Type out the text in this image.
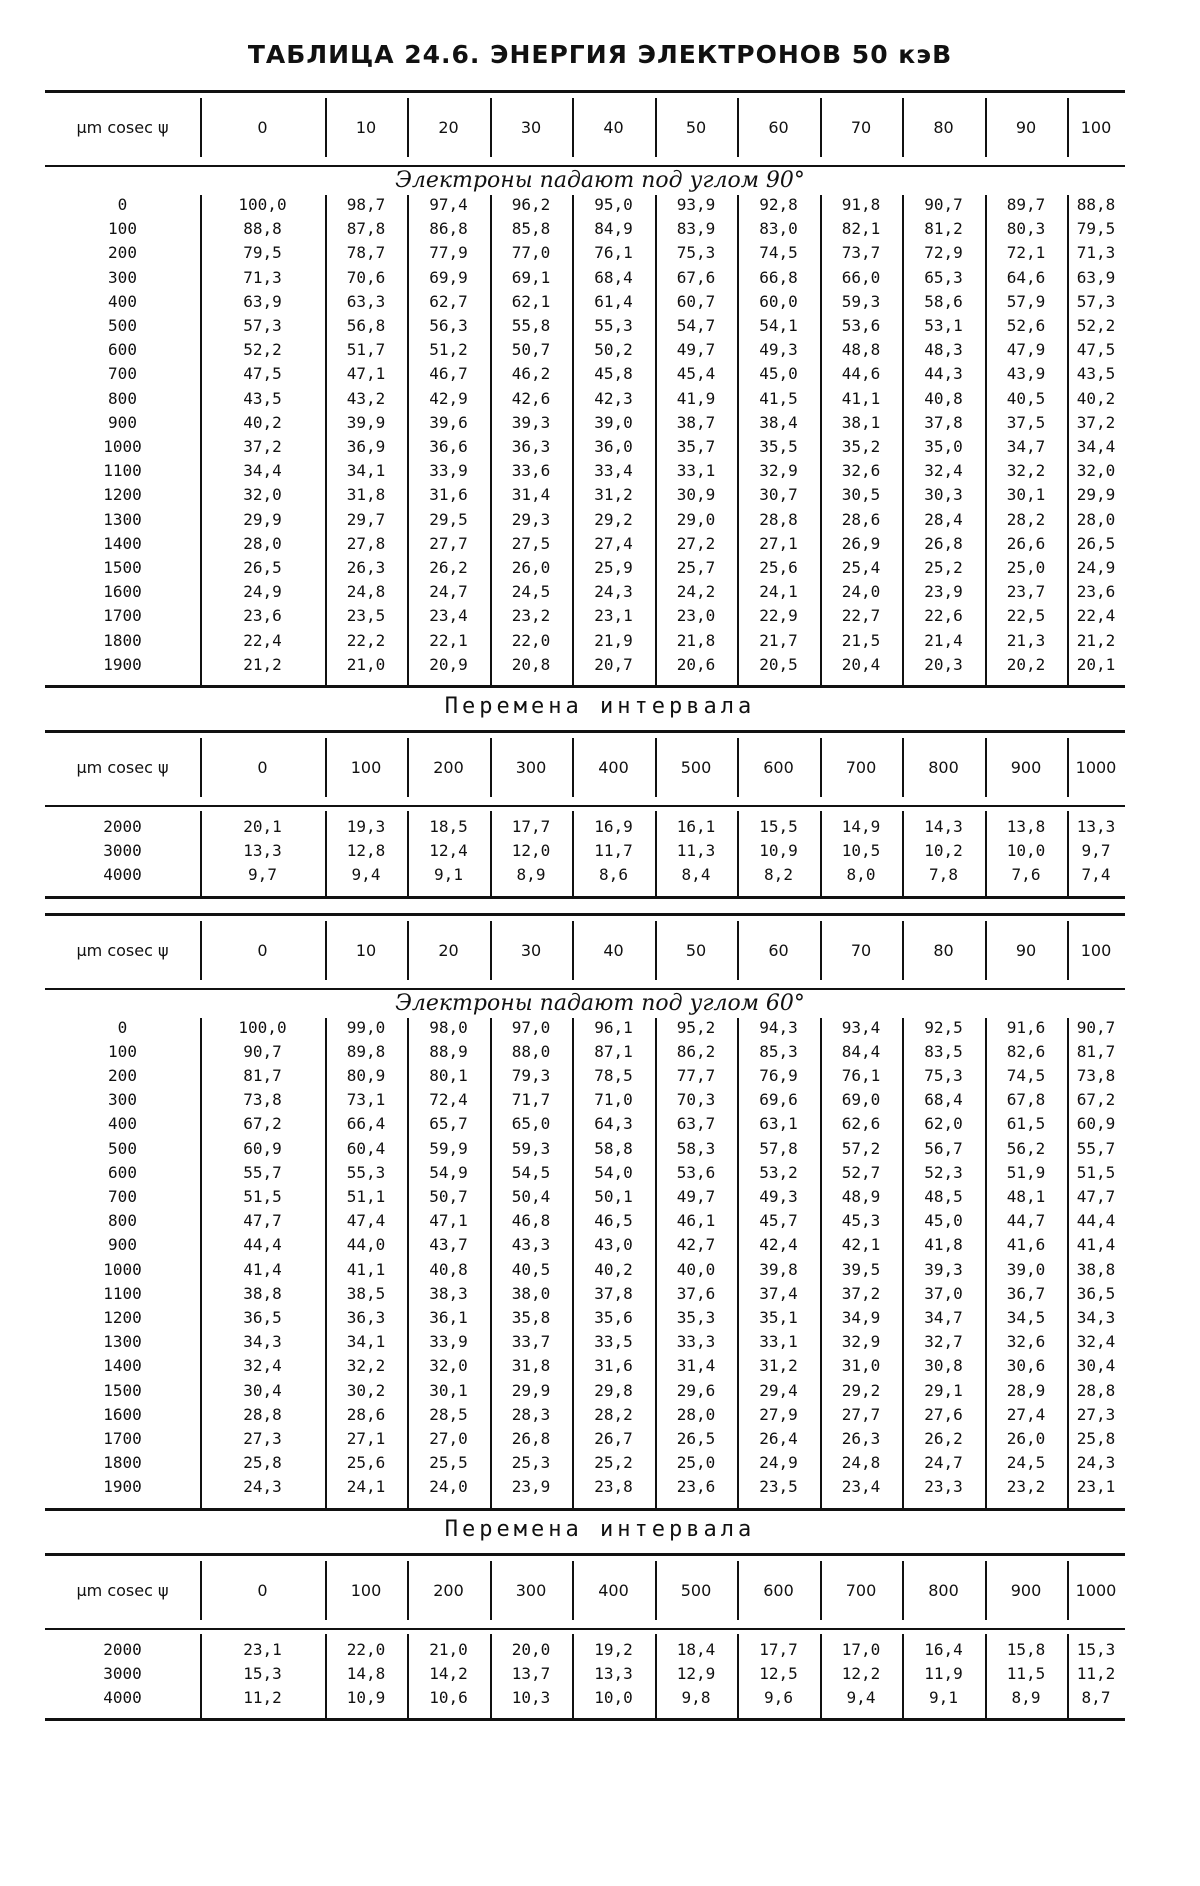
ТАБЛИЦА 24.6. ЭНЕРГИЯ ЭЛЕКТРОНОВ 50 кэВ
μm cosec ψ	0	10	20	30	40	50	60	70	80	90	100
Электроны падают под углом 90°
0	100,0	98,7	97,4	96,2	95,0	93,9	92,8	91,8	90,7	89,7	88,8
100	88,8	87,8	86,8	85,8	84,9	83,9	83,0	82,1	81,2	80,3	79,5
200	79,5	78,7	77,9	77,0	76,1	75,3	74,5	73,7	72,9	72,1	71,3
300	71,3	70,6	69,9	69,1	68,4	67,6	66,8	66,0	65,3	64,6	63,9
400	63,9	63,3	62,7	62,1	61,4	60,7	60,0	59,3	58,6	57,9	57,3
500	57,3	56,8	56,3	55,8	55,3	54,7	54,1	53,6	53,1	52,6	52,2
600	52,2	51,7	51,2	50,7	50,2	49,7	49,3	48,8	48,3	47,9	47,5
700	47,5	47,1	46,7	46,2	45,8	45,4	45,0	44,6	44,3	43,9	43,5
800	43,5	43,2	42,9	42,6	42,3	41,9	41,5	41,1	40,8	40,5	40,2
900	40,2	39,9	39,6	39,3	39,0	38,7	38,4	38,1	37,8	37,5	37,2
1000	37,2	36,9	36,6	36,3	36,0	35,7	35,5	35,2	35,0	34,7	34,4
1100	34,4	34,1	33,9	33,6	33,4	33,1	32,9	32,6	32,4	32,2	32,0
1200	32,0	31,8	31,6	31,4	31,2	30,9	30,7	30,5	30,3	30,1	29,9
1300	29,9	29,7	29,5	29,3	29,2	29,0	28,8	28,6	28,4	28,2	28,0
1400	28,0	27,8	27,7	27,5	27,4	27,2	27,1	26,9	26,8	26,6	26,5
1500	26,5	26,3	26,2	26,0	25,9	25,7	25,6	25,4	25,2	25,0	24,9
1600	24,9	24,8	24,7	24,5	24,3	24,2	24,1	24,0	23,9	23,7	23,6
1700	23,6	23,5	23,4	23,2	23,1	23,0	22,9	22,7	22,6	22,5	22,4
1800	22,4	22,2	22,1	22,0	21,9	21,8	21,7	21,5	21,4	21,3	21,2
1900	21,2	21,0	20,9	20,8	20,7	20,6	20,5	20,4	20,3	20,2	20,1
Перемена интервала
μm cosec ψ	0	100	200	300	400	500	600	700	800	900	1000
2000	20,1	19,3	18,5	17,7	16,9	16,1	15,5	14,9	14,3	13,8	13,3
3000	13,3	12,8	12,4	12,0	11,7	11,3	10,9	10,5	10,2	10,0	9,7
4000	9,7	9,4	9,1	8,9	8,6	8,4	8,2	8,0	7,8	7,6	7,4
μm cosec ψ	0	10	20	30	40	50	60	70	80	90	100
Электроны падают под углом 60°
0	100,0	99,0	98,0	97,0	96,1	95,2	94,3	93,4	92,5	91,6	90,7
100	90,7	89,8	88,9	88,0	87,1	86,2	85,3	84,4	83,5	82,6	81,7
200	81,7	80,9	80,1	79,3	78,5	77,7	76,9	76,1	75,3	74,5	73,8
300	73,8	73,1	72,4	71,7	71,0	70,3	69,6	69,0	68,4	67,8	67,2
400	67,2	66,4	65,7	65,0	64,3	63,7	63,1	62,6	62,0	61,5	60,9
500	60,9	60,4	59,9	59,3	58,8	58,3	57,8	57,2	56,7	56,2	55,7
600	55,7	55,3	54,9	54,5	54,0	53,6	53,2	52,7	52,3	51,9	51,5
700	51,5	51,1	50,7	50,4	50,1	49,7	49,3	48,9	48,5	48,1	47,7
800	47,7	47,4	47,1	46,8	46,5	46,1	45,7	45,3	45,0	44,7	44,4
900	44,4	44,0	43,7	43,3	43,0	42,7	42,4	42,1	41,8	41,6	41,4
1000	41,4	41,1	40,8	40,5	40,2	40,0	39,8	39,5	39,3	39,0	38,8
1100	38,8	38,5	38,3	38,0	37,8	37,6	37,4	37,2	37,0	36,7	36,5
1200	36,5	36,3	36,1	35,8	35,6	35,3	35,1	34,9	34,7	34,5	34,3
1300	34,3	34,1	33,9	33,7	33,5	33,3	33,1	32,9	32,7	32,6	32,4
1400	32,4	32,2	32,0	31,8	31,6	31,4	31,2	31,0	30,8	30,6	30,4
1500	30,4	30,2	30,1	29,9	29,8	29,6	29,4	29,2	29,1	28,9	28,8
1600	28,8	28,6	28,5	28,3	28,2	28,0	27,9	27,7	27,6	27,4	27,3
1700	27,3	27,1	27,0	26,8	26,7	26,5	26,4	26,3	26,2	26,0	25,8
1800	25,8	25,6	25,5	25,3	25,2	25,0	24,9	24,8	24,7	24,5	24,3
1900	24,3	24,1	24,0	23,9	23,8	23,6	23,5	23,4	23,3	23,2	23,1
Перемена интервала
μm cosec ψ	0	100	200	300	400	500	600	700	800	900	1000
2000	23,1	22,0	21,0	20,0	19,2	18,4	17,7	17,0	16,4	15,8	15,3
3000	15,3	14,8	14,2	13,7	13,3	12,9	12,5	12,2	11,9	11,5	11,2
4000	11,2	10,9	10,6	10,3	10,0	9,8	9,6	9,4	9,1	8,9	8,7
